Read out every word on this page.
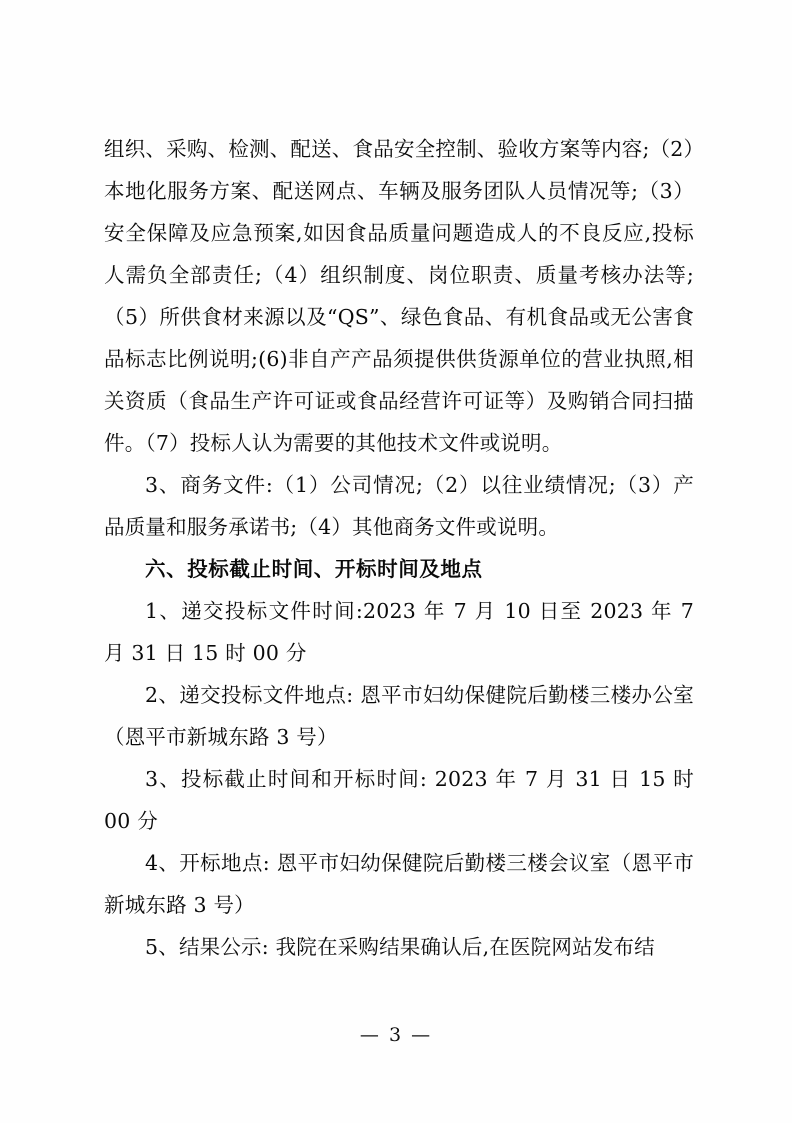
组织、采购、检测、配送、食品安全控制、验收方案等内容;（2）本地化服务方案、配送网点、车辆及服务团队人员情况等;（3）安全保障及应急预案,如因食品质量问题造成人的不良反应,投标人需负全部责任;（4）组织制度、岗位职责、质量考核办法等;（5）所供食材来源以及“QS”、绿色食品、有机食品或无公害食品标志比例说明;(6)非自产产品须提供供货源单位的营业执照,相关资质（食品生产许可证或食品经营许可证等）及购销合同扫描件。（7）投标人认为需要的其他技术文件或说明。

3、商务文件:（1）公司情况;（2）以往业绩情况;（3）产品质量和服务承诺书;（4）其他商务文件或说明。

六、投标截止时间、开标时间及地点

1、递交投标文件时间:2023 年 7 月 10 日至 2023 年 7 月 31 日 15 时 00 分

2、递交投标文件地点: 恩平市妇幼保健院后勤楼三楼办公室（恩平市新城东路 3 号）

3、投标截止时间和开标时间: 2023 年 7 月 31 日 15 时 00 分

4、开标地点: 恩平市妇幼保健院后勤楼三楼会议室（恩平市新城东路 3 号）

5、结果公示: 我院在采购结果确认后,在医院网站发布结

— 3 —
